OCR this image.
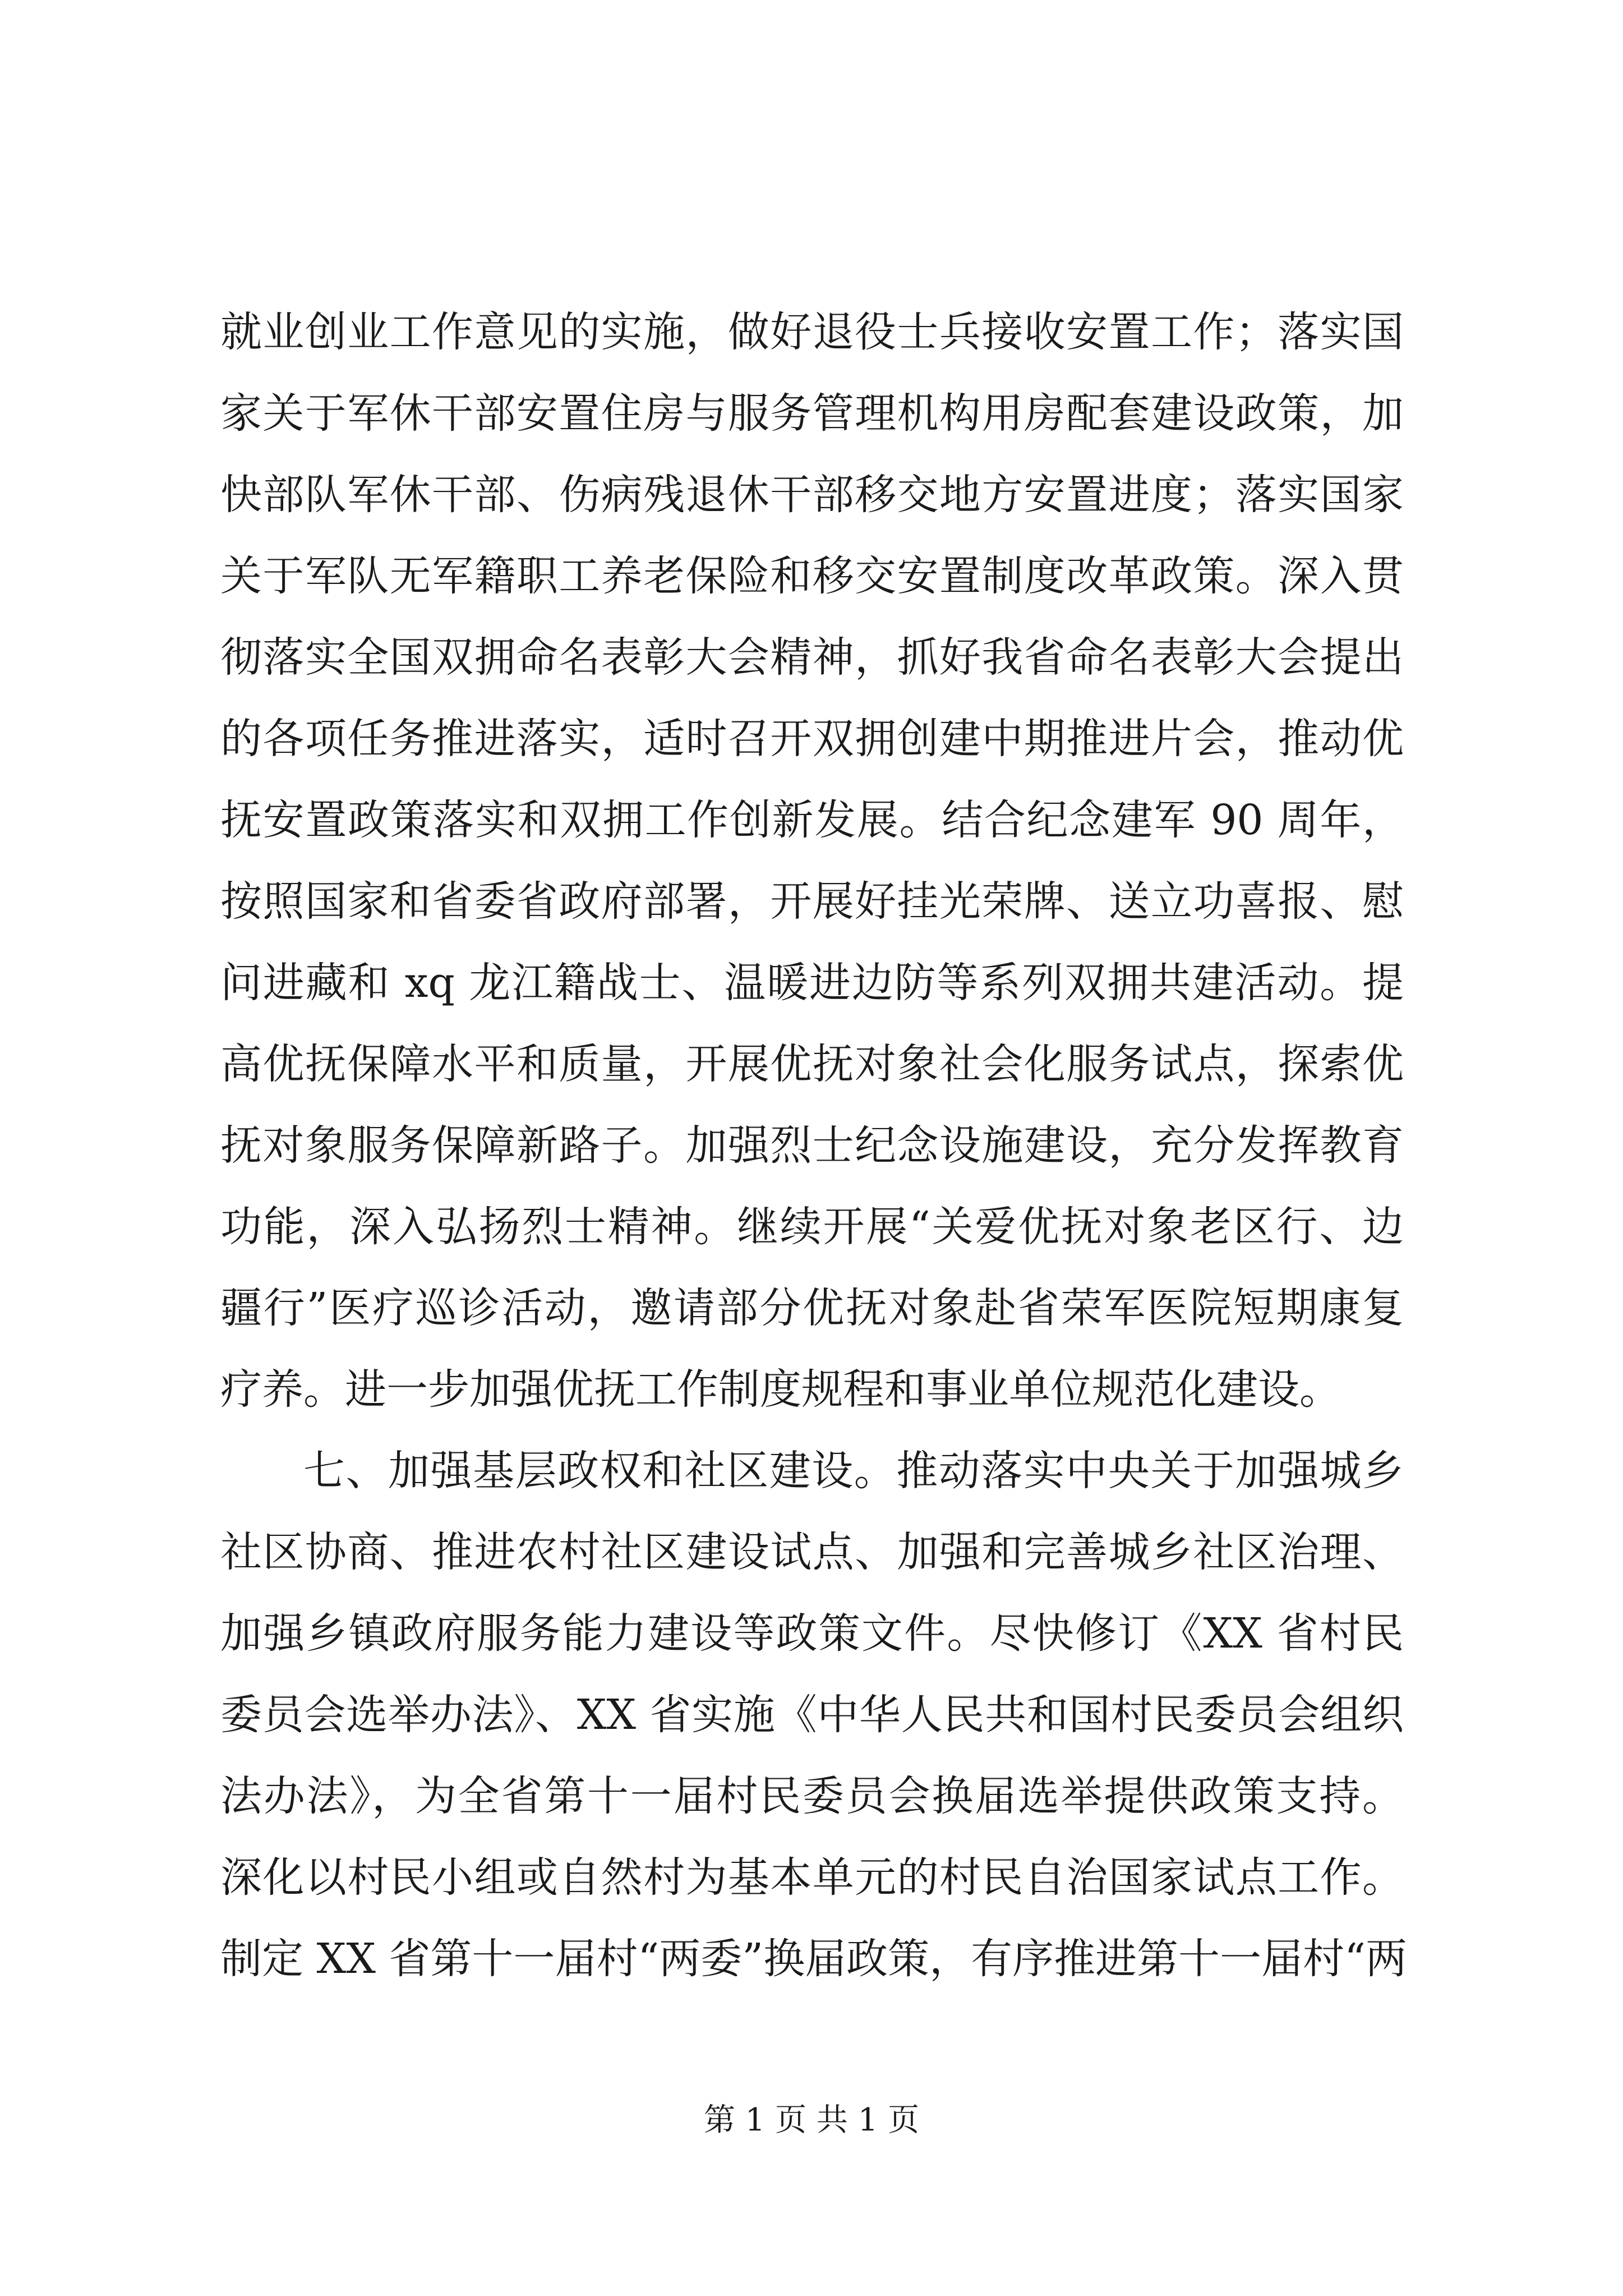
就业创业工作意见的实施，做好退役士兵接收安置工作；落实国
家关于军休干部安置住房与服务管理机构用房配套建设政策，加
快部队军休干部、伤病残退休干部移交地方安置进度；落实国家
关于军队无军籍职工养老保险和移交安置制度改革政策。深入贯
彻落实全国双拥命名表彰大会精神，抓好我省命名表彰大会提出
的各项任务推进落实，适时召开双拥创建中期推进片会，推动优
抚安置政策落实和双拥工作创新发展。结合纪念建军 90 周年，
按照国家和省委省政府部署，开展好挂光荣牌、送立功喜报、慰
问进藏和 xq 龙江籍战士、温暖进边防等系列双拥共建活动。提
高优抚保障水平和质量，开展优抚对象社会化服务试点，探索优
抚对象服务保障新路子。加强烈士纪念设施建设，充分发挥教育
功能，深入弘扬烈士精神。继续开展“关爱优抚对象老区行、边
疆行”医疗巡诊活动，邀请部分优抚对象赴省荣军医院短期康复
疗养。进一步加强优抚工作制度规程和事业单位规范化建设。
七、加强基层政权和社区建设。推动落实中央关于加强城乡
社区协商、推进农村社区建设试点、加强和完善城乡社区治理、
加强乡镇政府服务能力建设等政策文件。尽快修订《XX 省村民
委员会选举办法》、XX 省实施《中华人民共和国村民委员会组织
法办法》，为全省第十一届村民委员会换届选举提供政策支持。
深化以村民小组或自然村为基本单元的村民自治国家试点工作。
制定 XX 省第十一届村“两委”换届政策，有序推进第十一届村“两
第 1 页 共 1 页
